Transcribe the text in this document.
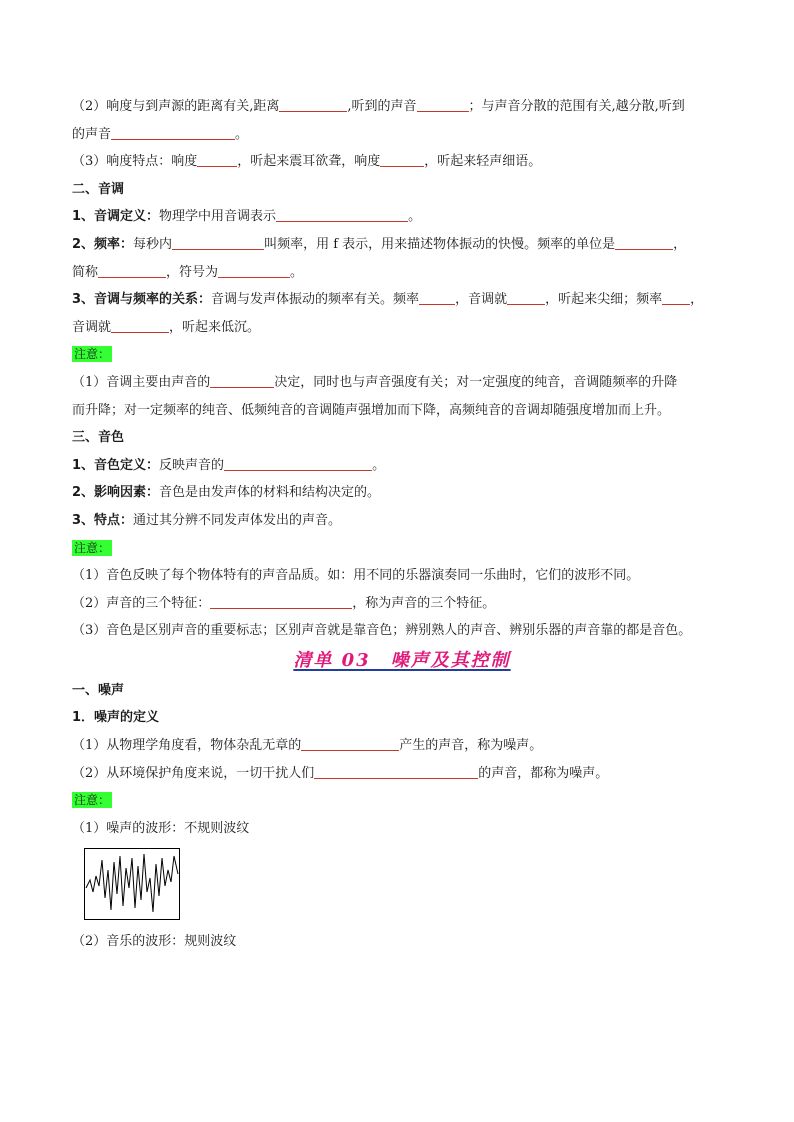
（2）响度与到声源的距离有关,距离	,听到的声音	；与声音分散的范围有关,越分散,听到
的声音	。
（3）响度特点：响度	，听起来震耳欲聋，响度	，听起来轻声细语。
二、音调
1、音调定义：物理学中用音调表示	。
2、频率：每秒内	叫频率，用 f 表示，用来描述物体振动的快慢。频率的单位是	，
简称	，符号为	。
3、音调与频率的关系：音调与发声体振动的频率有关。频率	，音调就	，听起来尖细；频率 ，
音调就	，听起来低沉。
注意：
（1）音调主要由声音的	决定，同时也与声音强度有关；对一定强度的纯音，音调随频率的升降
而升降；对一定频率的纯音、低频纯音的音调随声强增加而下降，高频纯音的音调却随强度增加而上升。
三、音色
1、音色定义：反映声音的	。
2、影响因素：音色是由发声体的材料和结构决定的。
3、特点：通过其分辨不同发声体发出的声音。
注意：
（1）音色反映了每个物体特有的声音品质。如：用不同的乐器演奏同一乐曲时，它们的波形不同。
（2）声音的三个特征：	，称为声音的三个特征。
（3）音色是区别声音的重要标志；区别声音就是靠音色；辨别熟人的声音、辨别乐器的声音靠的都是音色。
清单 03　噪声及其控制
一、噪声
1．噪声的定义
（1）从物理学角度看，物体杂乱无章的	产生的声音，称为噪声。
（2）从环境保护角度来说，一切干扰人们	的声音，都称为噪声。
注意：
（1）噪声的波形：不规则波纹
（2）音乐的波形：规则波纹
